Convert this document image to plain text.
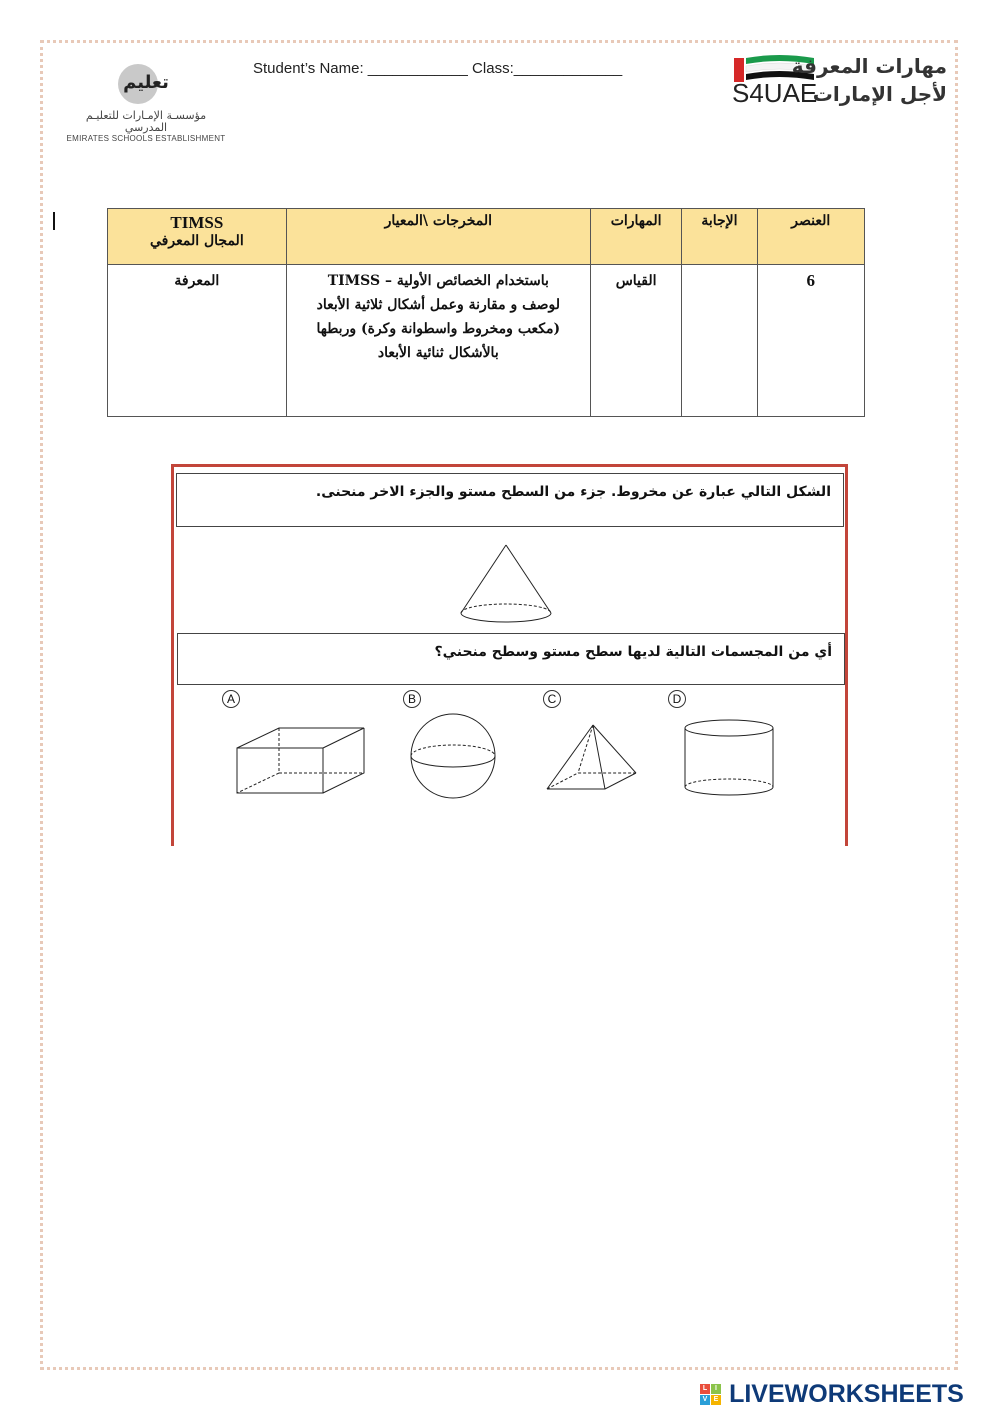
تعليم
مؤسسـة الإمـارات للتعليـم المدرسي
EMIRATES SCHOOLS ESTABLISHMENT
Student’s Name: ____________ Class:_____________	مهارات المعرفة
S4UAE
لأجل الإمارات
العنصر	الإجابة	المهارات	المخرجات \المعيار	TIMSS
المجال المعرفي
6		القياس	باستخدام الخصائص الأولية – TIMSS
لوصف و مقارنة وعمل أشكال ثلاثية الأبعاد
(مكعب ومخروط واسطوانة وكرة) وربطها
بالأشكال ثنائية الأبعاد	المعرفة
الشكل التالي عبارة عن مخروط. جزء من السطح مستو والجزء الاخر منحنى.
أي من المجسمات التالية لديها سطح مستو وسطح منحني؟
A	B	C	D
L	I
V E LIVEWORKSHEETS
